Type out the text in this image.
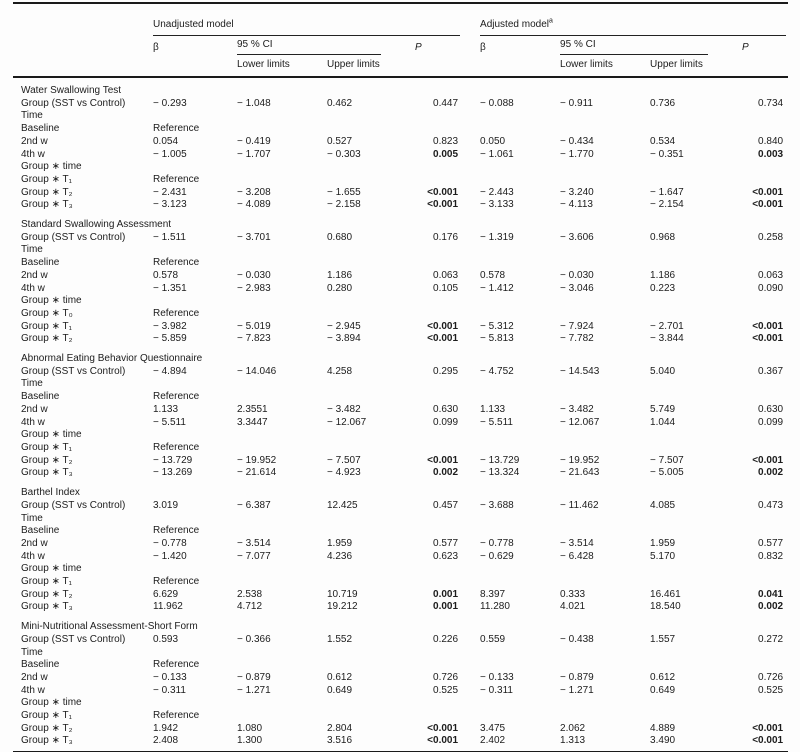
	Unadjusted model				Adjusted model$^a$

	β	95 % CI		P	β	95 % CI		P
		Lower limits	Upper limits			Lower limits	Upper limits	
Water Swallowing Test								
Group (SST vs Control)	− 0.293	− 1.048	0.462	0.447	− 0.088	− 0.911	0.736	0.734
Time								
Baseline	Reference							
2nd w	0.054	− 0.419	0.527	0.823	0.050	− 0.434	0.534	0.840
4th w	− 1.005	− 1.707	− 0.303	0.005	− 1.061	− 1.770	− 0.351	0.003
Group ∗ time								
Group ∗ T₁	Reference							
Group ∗ T₂	− 2.431	− 3.208	− 1.655	<0.001	− 2.443	− 3.240	− 1.647	<0.001
Group ∗ T₃	− 3.123	− 4.089	− 2.158	<0.001	− 3.133	− 4.113	− 2.154	<0.001
Standard Swallowing Assessment								
Group (SST vs Control)	− 1.511	− 3.701	0.680	0.176	− 1.319	− 3.606	0.968	0.258
Time								
Baseline	Reference							
2nd w	0.578	− 0.030	1.186	0.063	0.578	− 0.030	1.186	0.063
4th w	− 1.351	− 2.983	0.280	0.105	− 1.412	− 3.046	0.223	0.090
Group ∗ time								
Group ∗ T₀	Reference							
Group ∗ T₁	− 3.982	− 5.019	− 2.945	<0.001	− 5.312	− 7.924	− 2.701	<0.001
Group ∗ T₂	− 5.859	− 7.823	− 3.894	<0.001	− 5.813	− 7.782	− 3.844	<0.001
Abnormal Eating Behavior Questionnaire								
Group (SST vs Control)	− 4.894	− 14.046	4.258	0.295	− 4.752	− 14.543	5.040	0.367
Time								
Baseline	Reference							
2nd w	1.133	2.3551	− 3.482	0.630	1.133	− 3.482	5.749	0.630
4th w	− 5.511	3.3447	− 12.067	0.099	− 5.511	− 12.067	1.044	0.099
Group ∗ time								
Group ∗ T₁	Reference							
Group ∗ T₂	− 13.729	− 19.952	− 7.507	<0.001	− 13.729	− 19.952	− 7.507	<0.001
Group ∗ T₃	− 13.269	− 21.614	− 4.923	0.002	− 13.324	− 21.643	− 5.005	0.002
Barthel Index								
Group (SST vs Control)	3.019	− 6.387	12.425	0.457	− 3.688	− 11.462	4.085	0.473
Time								
Baseline	Reference							
2nd w	− 0.778	− 3.514	1.959	0.577	− 0.778	− 3.514	1.959	0.577
4th w	− 1.420	− 7.077	4.236	0.623	− 0.629	− 6.428	5.170	0.832
Group ∗ time								
Group ∗ T₁	Reference							
Group ∗ T₂	6.629	2.538	10.719	0.001	8.397	0.333	16.461	0.041
Group ∗ T₃	11.962	4.712	19.212	0.001	11.280	4.021	18.540	0.002
Mini-Nutritional Assessment-Short Form								
Group (SST vs Control)	0.593	− 0.366	1.552	0.226	0.559	− 0.438	1.557	0.272
Time								
Baseline	Reference							
2nd w	− 0.133	− 0.879	0.612	0.726	− 0.133	− 0.879	0.612	0.726
4th w	− 0.311	− 1.271	0.649	0.525	− 0.311	− 1.271	0.649	0.525
Group ∗ time								
Group ∗ T₁	Reference							
Group ∗ T₂	1.942	1.080	2.804	<0.001	3.475	2.062	4.889	<0.001
Group ∗ T₃	2.408	1.300	3.516	<0.001	2.402	1.313	3.490	<0.001
